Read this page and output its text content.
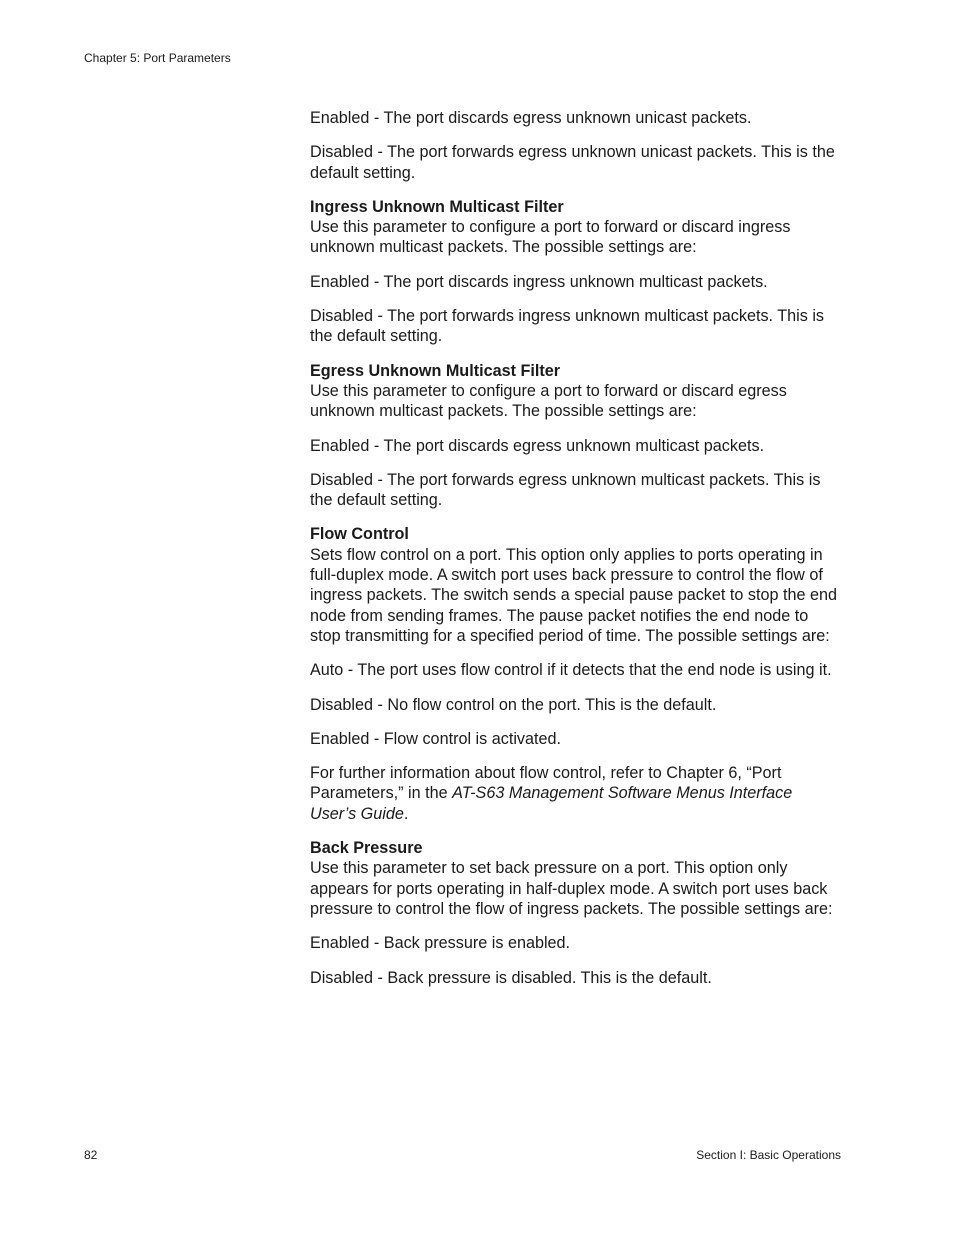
Chapter 5: Port Parameters

Enabled - The port discards egress unknown unicast packets.

Disabled - The port forwards egress unknown unicast packets. This is the default setting.

Ingress Unknown Multicast Filter
Use this parameter to configure a port to forward or discard ingress unknown multicast packets. The possible settings are:

Enabled - The port discards ingress unknown multicast packets.

Disabled - The port forwards ingress unknown multicast packets. This is the default setting.

Egress Unknown Multicast Filter
Use this parameter to configure a port to forward or discard egress unknown multicast packets. The possible settings are:

Enabled - The port discards egress unknown multicast packets.

Disabled - The port forwards egress unknown multicast packets. This is the default setting.

Flow Control
Sets flow control on a port. This option only applies to ports operating in full-duplex mode. A switch port uses back pressure to control the flow of ingress packets. The switch sends a special pause packet to stop the end node from sending frames. The pause packet notifies the end node to stop transmitting for a specified period of time. The possible settings are:

Auto - The port uses flow control if it detects that the end node is using it.

Disabled - No flow control on the port. This is the default.

Enabled - Flow control is activated.

For further information about flow control, refer to Chapter 6, “Port Parameters,” in the AT-S63 Management Software Menus Interface User’s Guide.

Back Pressure
Use this parameter to set back pressure on a port. This option only appears for ports operating in half-duplex mode. A switch port uses back pressure to control the flow of ingress packets. The possible settings are:

Enabled - Back pressure is enabled.

Disabled - Back pressure is disabled. This is the default.

82	Section I: Basic Operations
